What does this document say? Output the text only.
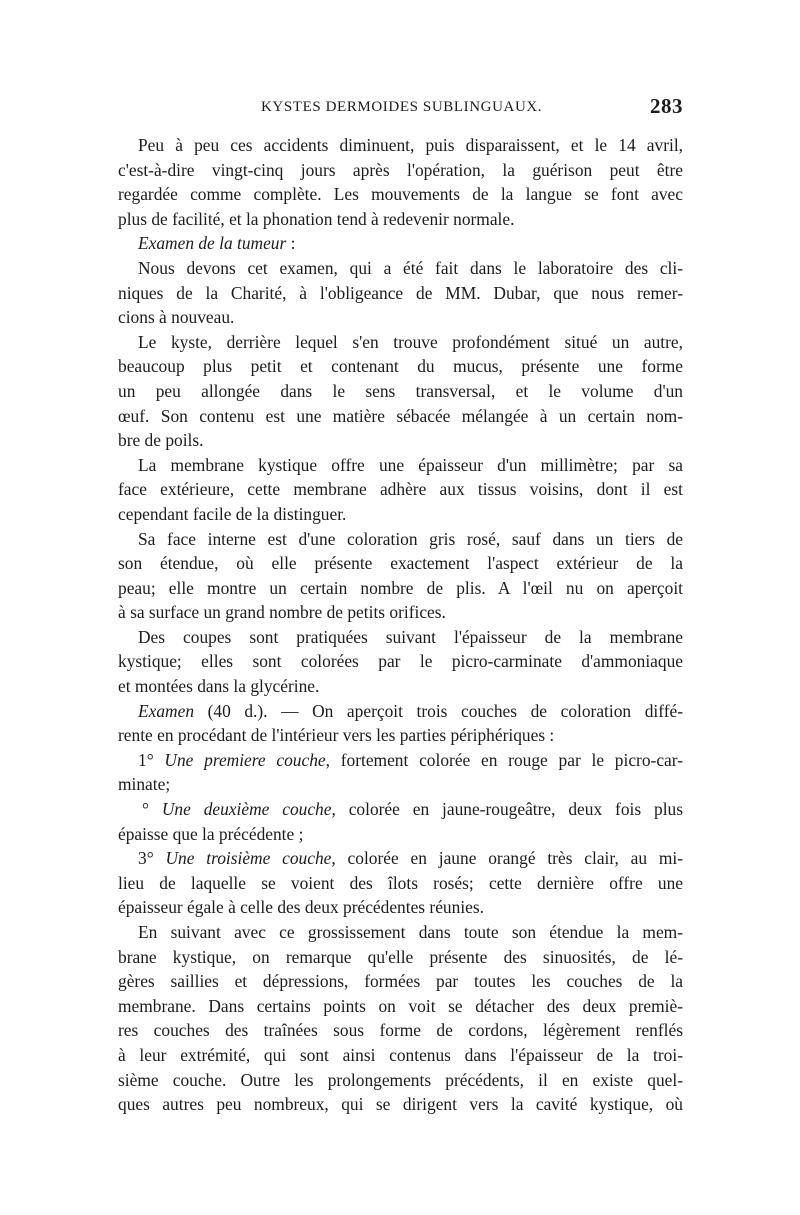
KYSTES DERMOIDES SUBLINGUAUX.	283
Peu à peu ces accidents diminuent, puis disparaissent, et le 14 avril,
c'est-à-dire vingt-cinq jours après l'opération, la guérison peut être
regardée comme complète. Les mouvements de la langue se font avec
plus de facilité, et la phonation tend à redevenir normale.
Examen de la tumeur :
Nous devons cet examen, qui a été fait dans le laboratoire des cli-
niques de la Charité, à l'obligeance de MM. Dubar, que nous remer-
cions à nouveau.
Le kyste, derrière lequel s'en trouve profondément situé un autre,
beaucoup plus petit et contenant du mucus, présente une forme
un peu allongée dans le sens transversal, et le volume d'un
œuf. Son contenu est une matière sébacée mélangée à un certain nom-
bre de poils.
La membrane kystique offre une épaisseur d'un millimètre; par sa
face extérieure, cette membrane adhère aux tissus voisins, dont il est
cependant facile de la distinguer.
Sa face interne est d'une coloration gris rosé, sauf dans un tiers de
son étendue, où elle présente exactement l'aspect extérieur de la
peau; elle montre un certain nombre de plis. A l'œil nu on aperçoit
à sa surface un grand nombre de petits orifices.
Des coupes sont pratiquées suivant l'épaisseur de la membrane
kystique; elles sont colorées par le picro-carminate d'ammoniaque
et montées dans la glycérine.
Examen (40 d.). — On aperçoit trois couches de coloration diffé-
rente en procédant de l'intérieur vers les parties périphériques :
1° Une premiere couche, fortement colorée en rouge par le picro-car-
minate;
° Une deuxième couche, colorée en jaune-rougeâtre, deux fois plus
épaisse que la précédente ;
3° Une troisième couche, colorée en jaune orangé très clair, au mi-
lieu de laquelle se voient des îlots rosés; cette dernière offre une
épaisseur égale à celle des deux précédentes réunies.
En suivant avec ce grossissement dans toute son étendue la mem-
brane kystique, on remarque qu'elle présente des sinuosités, de lé-
gères saillies et dépressions, formées par toutes les couches de la
membrane. Dans certains points on voit se détacher des deux premiè-
res couches des traînées sous forme de cordons, légèrement renflés
à leur extrémité, qui sont ainsi contenus dans l'épaisseur de la troi-
sième couche. Outre les prolongements précédents, il en existe quel-
ques autres peu nombreux, qui se dirigent vers la cavité kystique, où
